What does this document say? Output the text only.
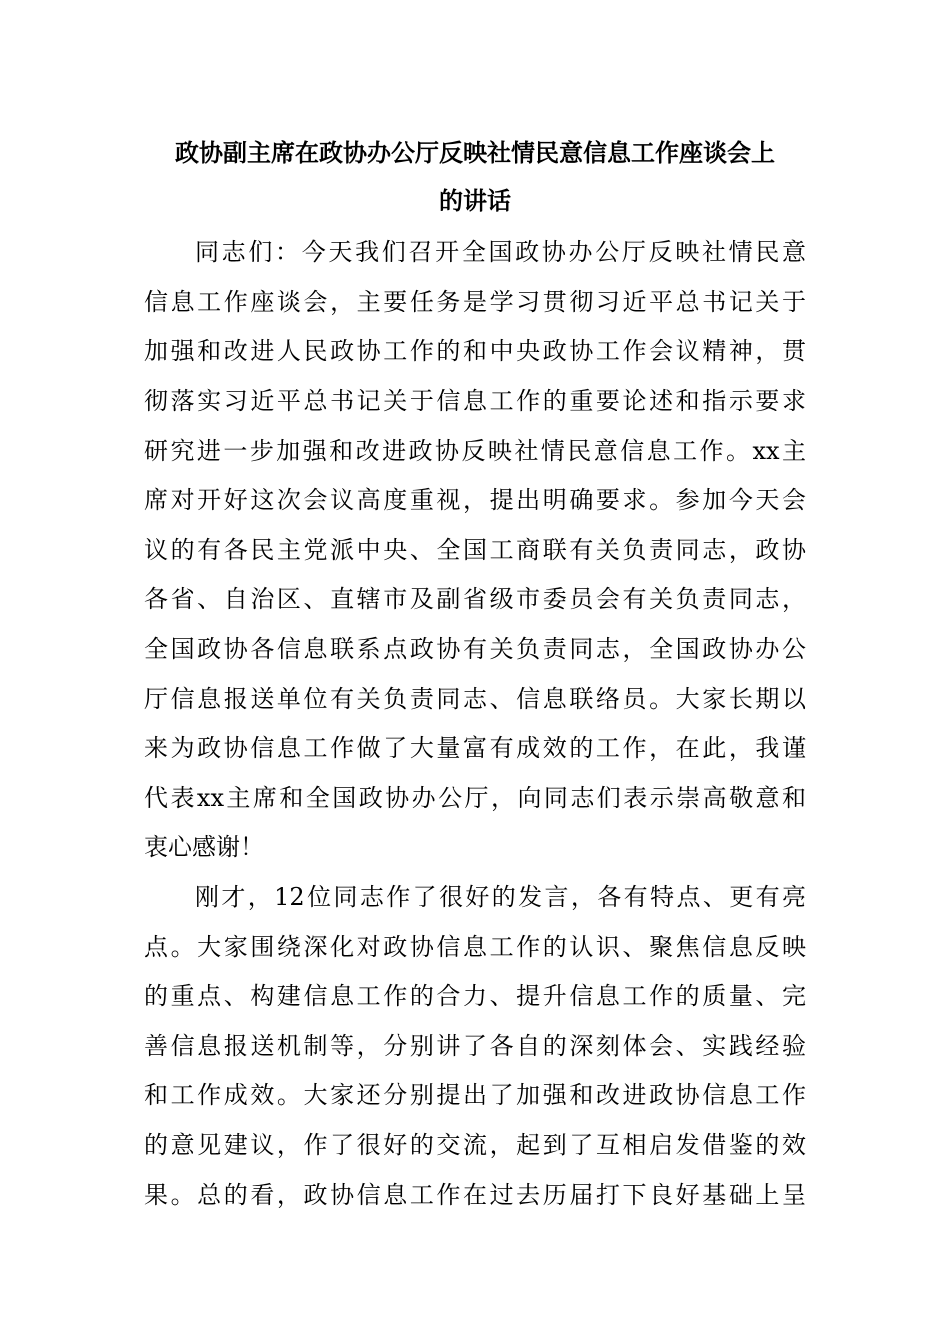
政协副主席在政协办公厅反映社情民意信息工作座谈会上
的讲话
同志们：今天我们召开全国政协办公厅反映社情民意
信息工作座谈会，主要任务是学习贯彻习近平总书记关于
加强和改进人民政协工作的和中央政协工作会议精神，贯
彻落实习近平总书记关于信息工作的重要论述和指示要求
研究进一步加强和改进政协反映社情民意信息工作。xx主
席对开好这次会议高度重视，提出明确要求。参加今天会
议的有各民主党派中央、全国工商联有关负责同志，政协
各省、自治区、直辖市及副省级市委员会有关负责同志，
全国政协各信息联系点政协有关负责同志，全国政协办公
厅信息报送单位有关负责同志、信息联络员。大家长期以
来为政协信息工作做了大量富有成效的工作，在此，我谨
代表xx主席和全国政协办公厅，向同志们表示崇高敬意和
衷心感谢！
刚才，12位同志作了很好的发言，各有特点、更有亮
点。大家围绕深化对政协信息工作的认识、聚焦信息反映
的重点、构建信息工作的合力、提升信息工作的质量、完
善信息报送机制等，分别讲了各自的深刻体会、实践经验
和工作成效。大家还分别提出了加强和改进政协信息工作
的意见建议，作了很好的交流，起到了互相启发借鉴的效
果。总的看，政协信息工作在过去历届打下良好基础上呈
